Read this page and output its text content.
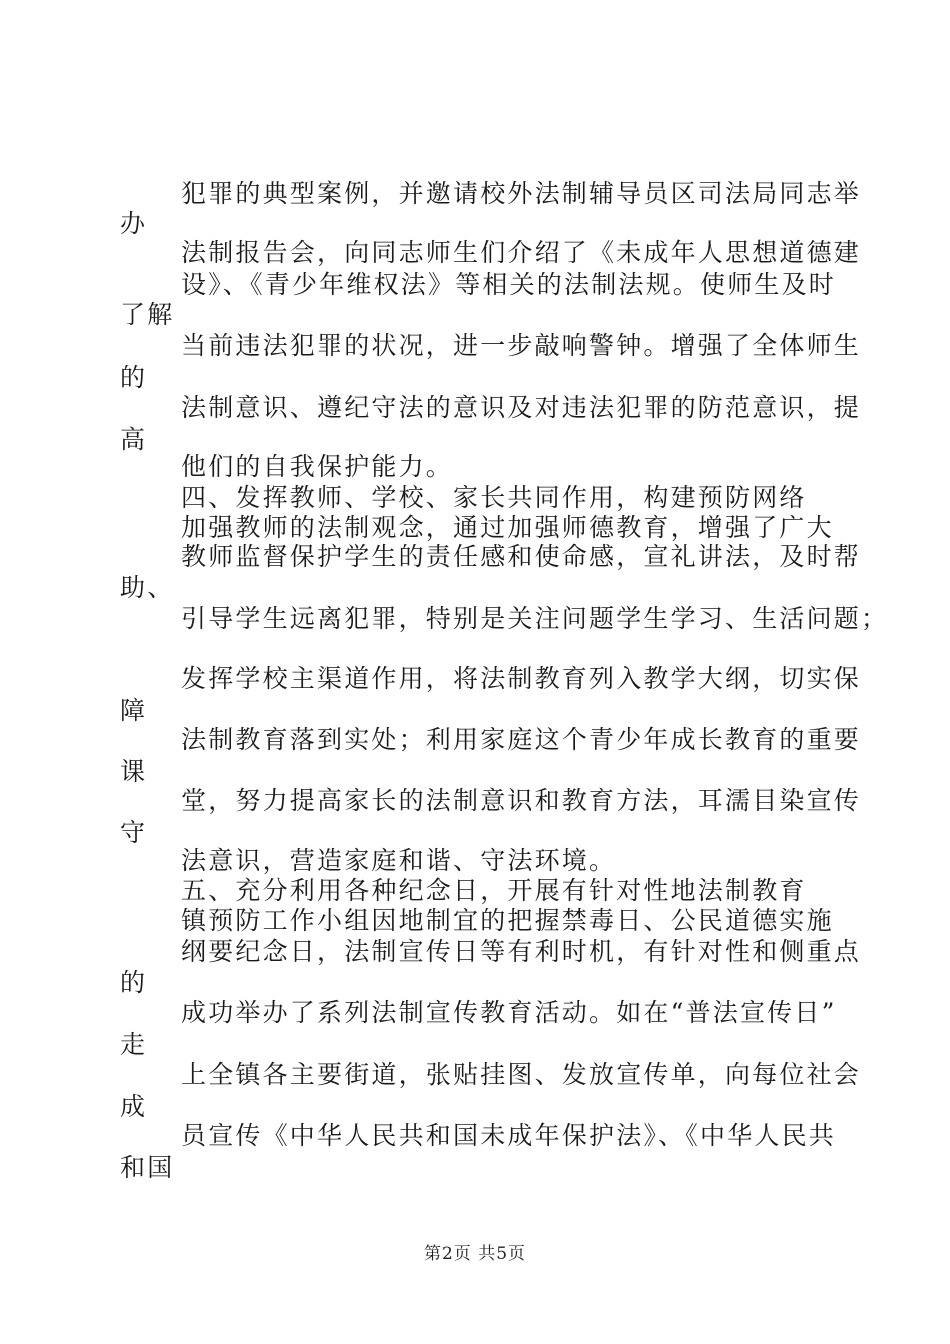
犯罪的典型案例，并邀请校外法制辅导员区司法局同志举
办
法制报告会，向同志师生们介绍了《未成年人思想道德建
设》、《青少年维权法》等相关的法制法规。使师生及时
了解
当前违法犯罪的状况，进一步敲响警钟。增强了全体师生
的
法制意识、遵纪守法的意识及对违法犯罪的防范意识，提
高
他们的自我保护能力。
四、发挥教师、学校、家长共同作用，构建预防网络
加强教师的法制观念，通过加强师德教育，增强了广大
教师监督保护学生的责任感和使命感，宣礼讲法，及时帮
助、
引导学生远离犯罪，特别是关注问题学生学习、生活问题；
发挥学校主渠道作用，将法制教育列入教学大纲，切实保
障
法制教育落到实处；利用家庭这个青少年成长教育的重要
课
堂，努力提高家长的法制意识和教育方法，耳濡目染宣传
守
法意识，营造家庭和谐、守法环境。
五、充分利用各种纪念日，开展有针对性地法制教育
镇预防工作小组因地制宜的把握禁毒日、公民道德实施
纲要纪念日，法制宣传日等有利时机，有针对性和侧重点
的
成功举办了系列法制宣传教育活动。如在“普法宣传日”
走
上全镇各主要街道，张贴挂图、发放宣传单，向每位社会
成
员宣传《中华人民共和国未成年保护法》、《中华人民共
和国
第2页 共5页
